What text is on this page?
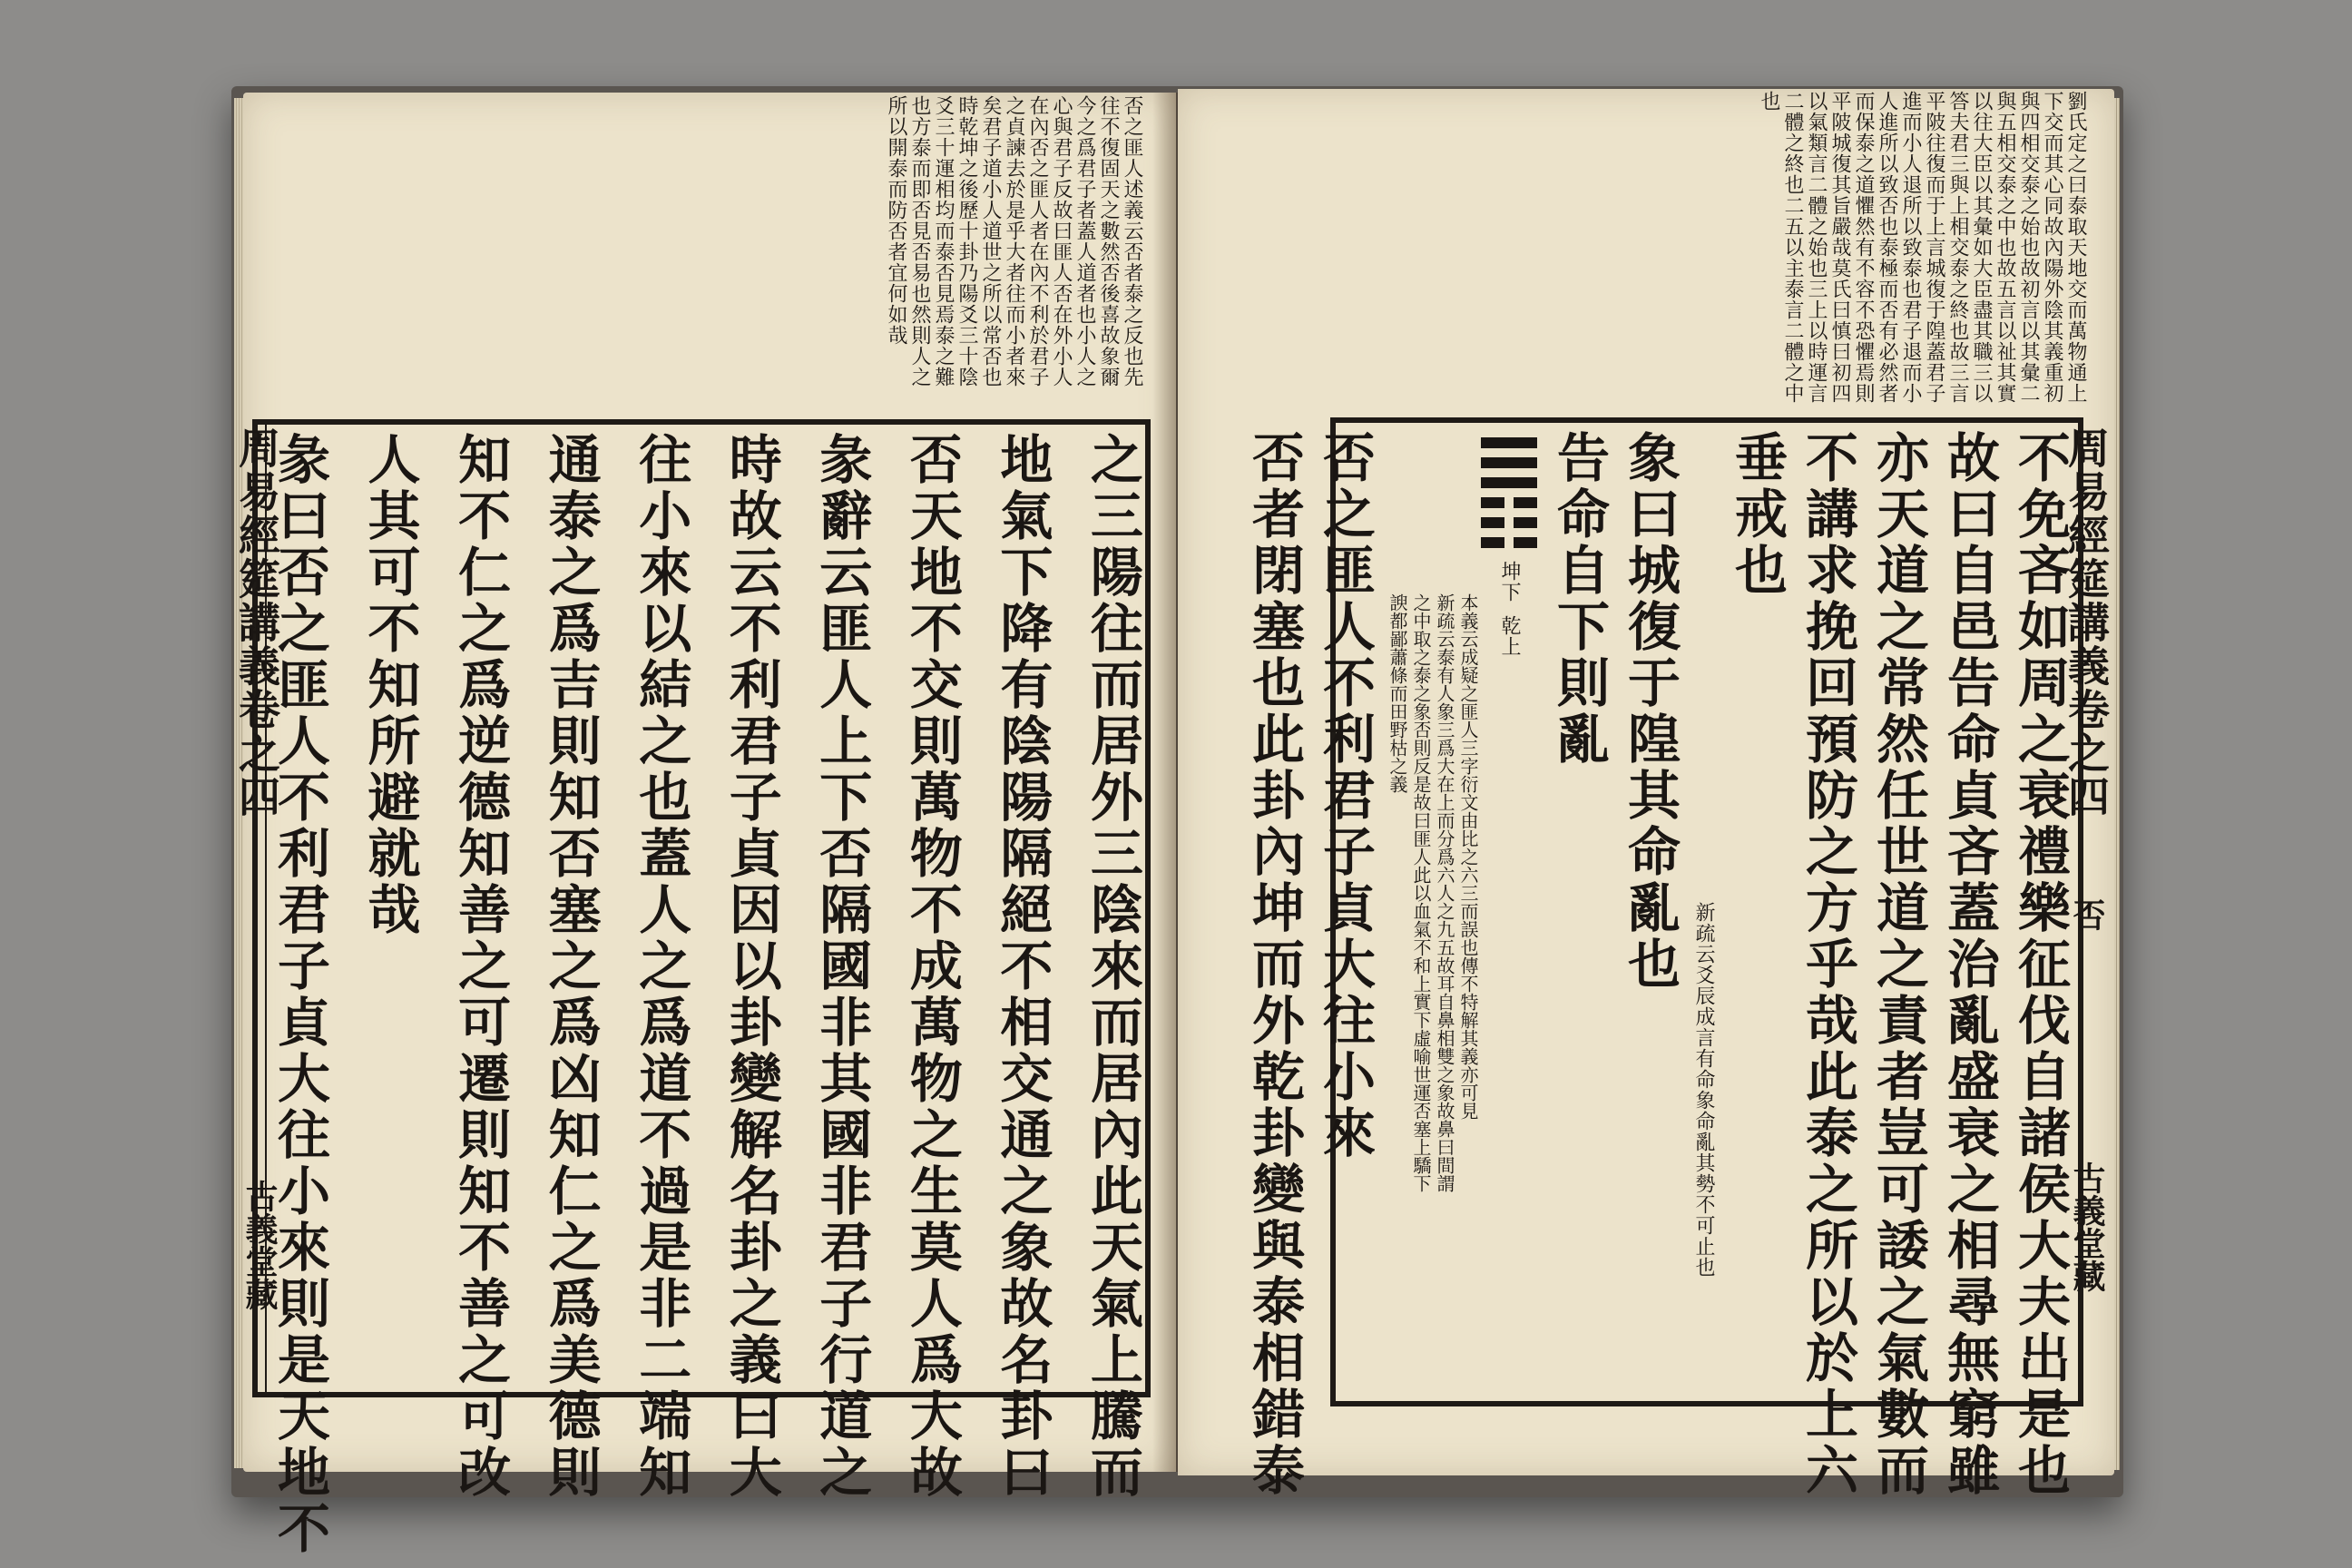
否之匪人述義云否者泰之反也先往不復固天之數然否後喜故象爾今之爲君子者蓋人道者也小人之心與君子反故曰匪人否在外小人在內否之匪人者在內不利於君子之貞諫去於是乎大者往而小者來矣君子道小人道世之所以常否也時乾坤之後歷十卦乃陽爻三十陰爻三十運相均而泰否見焉泰之難也方泰而即否見否易也然則人之所以開泰而防否者宜何如哉
之三陽往而居外三陰來而居內此天氣上騰而
地氣下降有陰陽隔絕不相交通之象故名卦曰
否天地不交則萬物不成萬物之生莫人爲大故
彖辭云匪人上下否隔國非其國非君子行道之
時故云不利君子貞因以卦變解名卦之義曰大
往小來以結之也蓋人之爲道不過是非二端知
通泰之爲吉則知否塞之爲凶知仁之爲美德則
知不仁之爲逆德知善之可遷則知不善之可改
人其可不知所避就哉
彖曰否之匪人不利君子貞大往小來則是天地不
周易經筵講義卷之四
古義堂藏
劉氏定之曰泰取天地交而萬物通上下交而其心同故內陽外陰其義重初與四相交泰之始也故初言以其彙二與五相交泰之中也故五言以祉其實以往大臣以其彙如大臣盡其職三以答夫君三與上相交泰之終也故三言平陂往復而于上言城復于隍蓋君子進而小人退所以致泰也君子退而小人進所以致否也泰極而否有必然者而保泰之道懼然有不容不恐懼焉則平陂城復其旨嚴哉莫氏曰慎曰初四以氣類言二體之始也三上以時運言二體之終也二五以主泰言二體之中也
不免吝如周之衰禮樂征伐自諸侯大夫出是也
故曰自邑告命貞吝蓋治亂盛衰之相尋無窮雖
亦天道之常然任世道之責者豈可諉之氣數而
不講求挽回預防之方乎哉此泰之所以於上六
垂戒也
新疏云爻辰成言有命象命亂其勢不可止也
象曰城復于隍其命亂也
告命自下則亂
坤下
乾上
本義云成疑之匪人三字衍文由比之六三而誤也傳不特解其義亦可見
新疏云泰有人象三爲大在上而分爲六人之九五故耳自鼻相雙之象故鼻曰間謂
之中取之泰之象否則反是故曰匪人此以血氣不和上實下虛喻世運否塞上驕下
諛都鄙蕭條而田野枯之義
否之匪人不利君子貞大往小來
否者閉塞也此卦內坤而外乾卦變與泰相錯泰	周易經筵講義卷之四
否
古義堂藏
